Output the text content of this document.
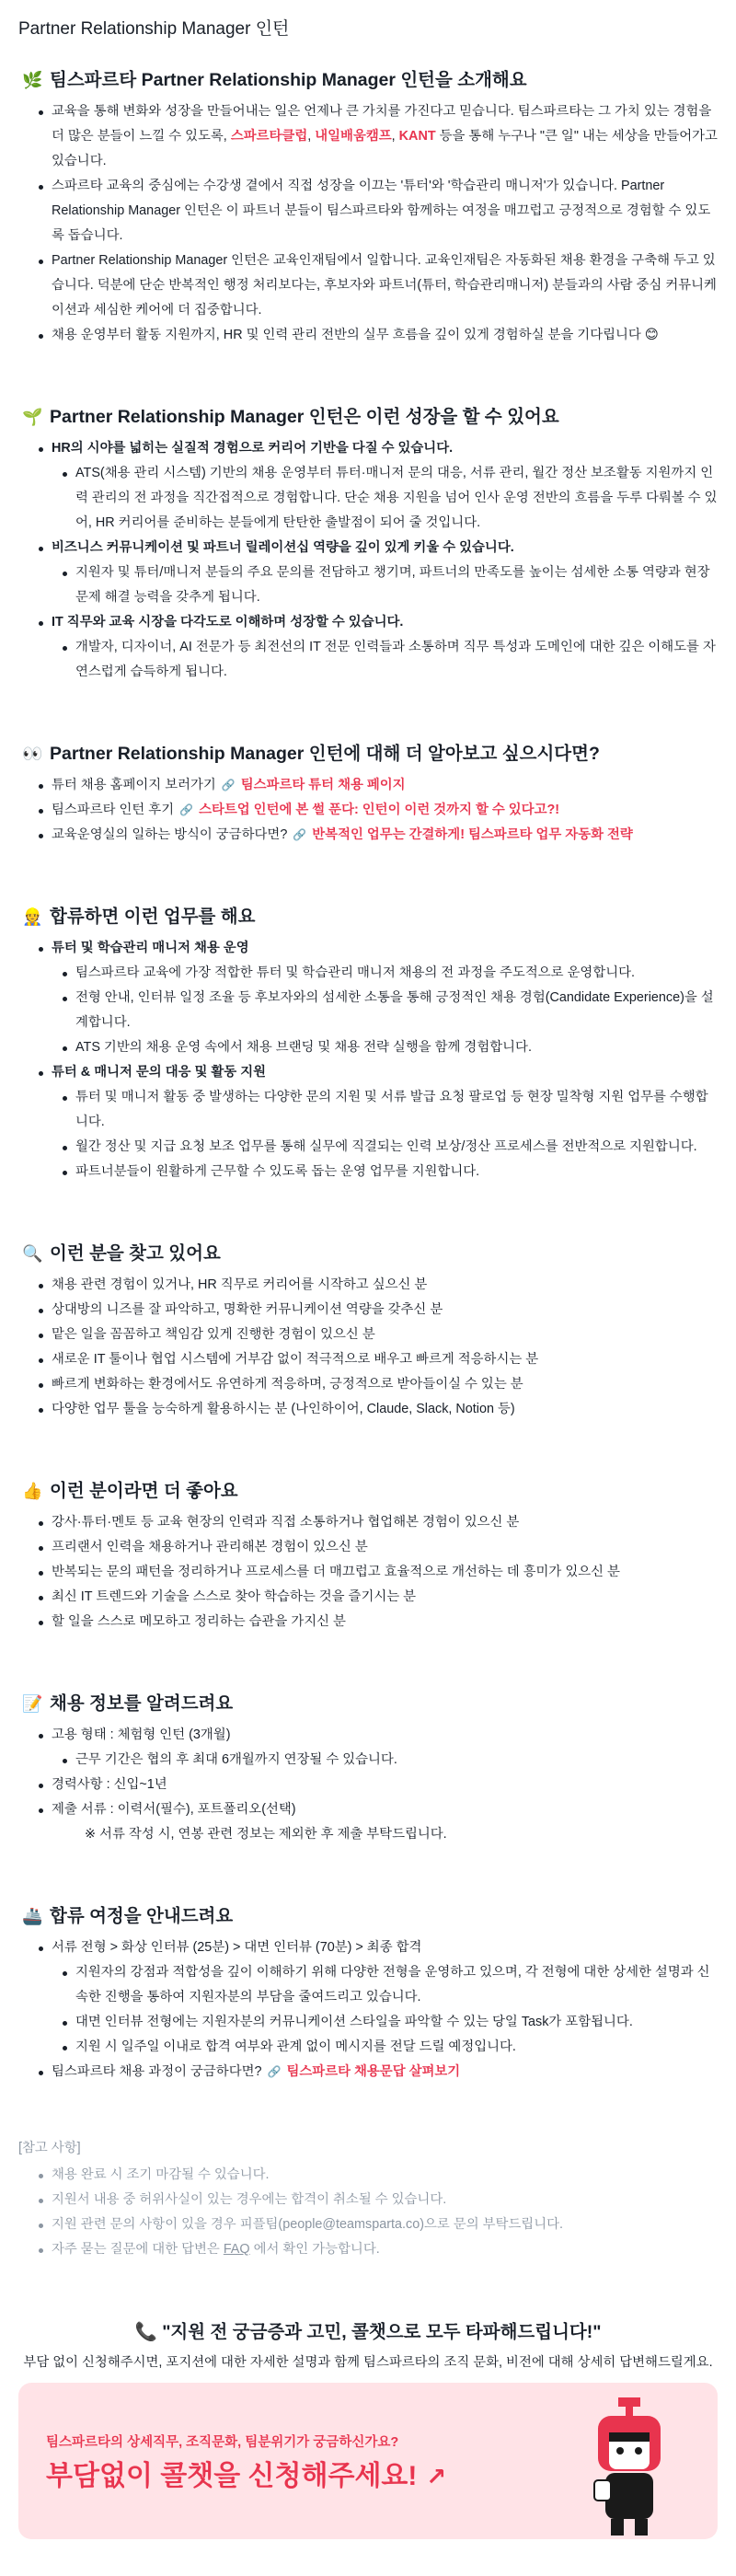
Partner Relationship Manager 인턴
🌿 팀스파르타 Partner Relationship Manager 인턴을 소개해요
교육을 통해 변화와 성장을 만들어내는 일은 언제나 큰 가치를 가진다고 믿습니다. 팀스파르타는 그 가치 있는 경험을 더 많은 분들이 느낄 수 있도록, 스파르타클럽, 내일배움캠프, KANT 등을 통해 누구나 "큰 일" 내는 세상을 만들어가고 있습니다.
스파르타 교육의 중심에는 수강생 곁에서 직접 성장을 이끄는 '튜터'와 '학습관리 매니저'가 있습니다. Partner Relationship Manager 인턴은 이 파트너 분들이 팀스파르타와 함께하는 여정을 매끄럽고 긍정적으로 경험할 수 있도록 돕습니다.
Partner Relationship Manager 인턴은 교육인재팀에서 일합니다. 교육인재팀은 자동화된 채용 환경을 구축해 두고 있습니다. 덕분에 단순 반복적인 행정 처리보다는, 후보자와 파트너(튜터, 학습관리매니저) 분들과의 사람 중심 커뮤니케이션과 세심한 케어에 더 집중합니다.
채용 운영부터 활동 지원까지, HR 및 인력 관리 전반의 실무 흐름을 깊이 있게 경험하실 분을 기다립니다 😊
🌱 Partner Relationship Manager 인턴은 이런 성장을 할 수 있어요
HR의 시야를 넓히는 실질적 경험으로 커리어 기반을 다질 수 있습니다.
ATS(채용 관리 시스템) 기반의 채용 운영부터 튜터·매니저 문의 대응, 서류 관리, 월간 정산 보조활동 지원까지 인력 관리의 전 과정을 직간접적으로 경험합니다. 단순 채용 지원을 넘어 인사 운영 전반의 흐름을 두루 다뤄볼 수 있어, HR 커리어를 준비하는 분들에게 탄탄한 출발점이 되어 줄 것입니다.
비즈니스 커뮤니케이션 및 파트너 릴레이션십 역량을 깊이 있게 키울 수 있습니다.
지원자 및 튜터/매니저 분들의 주요 문의를 전담하고 챙기며, 파트너의 만족도를 높이는 섬세한 소통 역량과 현장 문제 해결 능력을 갖추게 됩니다.
IT 직무와 교육 시장을 다각도로 이해하며 성장할 수 있습니다.
개발자, 디자이너, AI 전문가 등 최전선의 IT 전문 인력들과 소통하며 직무 특성과 도메인에 대한 깊은 이해도를 자연스럽게 습득하게 됩니다.
👀 Partner Relationship Manager 인턴에 대해 더 알아보고 싶으시다면?
튜터 채용 홈페이지 보러가기 🔗 팀스파르타 튜터 채용 페이지
팀스파르타 인턴 후기 🔗 스타트업 인턴에 본 썰 푼다: 인턴이 이런 것까지 할 수 있다고?!
교육운영실의 일하는 방식이 궁금하다면? 🔗 반복적인 업무는 간결하게! 팀스파르타 업무 자동화 전략
👷 합류하면 이런 업무를 해요
튜터 및 학습관리 매니저 채용 운영
팀스파르타 교육에 가장 적합한 튜터 및 학습관리 매니저 채용의 전 과정을 주도적으로 운영합니다.
전형 안내, 인터뷰 일정 조율 등 후보자와의 섬세한 소통을 통해 긍정적인 채용 경험(Candidate Experience)을 설계합니다.
ATS 기반의 채용 운영 속에서 채용 브랜딩 및 채용 전략 실행을 함께 경험합니다.
튜터 & 매니저 문의 대응 및 활동 지원
튜터 및 매니저 활동 중 발생하는 다양한 문의 지원 및 서류 발급 요청 팔로업 등 현장 밀착형 지원 업무를 수행합니다.
월간 정산 및 지급 요청 보조 업무를 통해 실무에 직결되는 인력 보상/정산 프로세스를 전반적으로 지원합니다.
파트너분들이 원활하게 근무할 수 있도록 돕는 운영 업무를 지원합니다.
🔍 이런 분을 찾고 있어요
채용 관련 경험이 있거나, HR 직무로 커리어를 시작하고 싶으신 분
상대방의 니즈를 잘 파악하고, 명확한 커뮤니케이션 역량을 갖추신 분
맡은 일을 꼼꼼하고 책임감 있게 진행한 경험이 있으신 분
새로운 IT 툴이나 협업 시스템에 거부감 없이 적극적으로 배우고 빠르게 적응하시는 분
빠르게 변화하는 환경에서도 유연하게 적응하며, 긍정적으로 받아들이실 수 있는 분
다양한 업무 툴을 능숙하게 활용하시는 분 (나인하이어, Claude, Slack, Notion 등)
👍 이런 분이라면 더 좋아요
강사·튜터·멘토 등 교육 현장의 인력과 직접 소통하거나 협업해본 경험이 있으신 분
프리랜서 인력을 채용하거나 관리해본 경험이 있으신 분
반복되는 문의 패턴을 정리하거나 프로세스를 더 매끄럽고 효율적으로 개선하는 데 흥미가 있으신 분
최신 IT 트렌드와 기술을 스스로 찾아 학습하는 것을 즐기시는 분
할 일을 스스로 메모하고 정리하는 습관을 가지신 분
📝 채용 정보를 알려드려요
고용 형태 : 체험형 인턴 (3개월)
근무 기간은 협의 후 최대 6개월까지 연장될 수 있습니다.
경력사항 : 신입~1년
제출 서류 : 이력서(필수), 포트폴리오(선택)
※ 서류 작성 시, 연봉 관련 정보는 제외한 후 제출 부탁드립니다.
🚢 합류 여정을 안내드려요
서류 전형 > 화상 인터뷰 (25분) > 대면 인터뷰 (70분) > 최종 합격
지원자의 강점과 적합성을 깊이 이해하기 위해 다양한 전형을 운영하고 있으며, 각 전형에 대한 상세한 설명과 신속한 진행을 통하여 지원자분의 부담을 줄여드리고 있습니다.
대면 인터뷰 전형에는 지원자분의 커뮤니케이션 스타일을 파악할 수 있는 당일 Task가 포함됩니다.
지원 시 일주일 이내로 합격 여부와 관계 없이 메시지를 전달 드릴 예정입니다.
팀스파르타 채용 과정이 궁금하다면? 🔗 팀스파르타 채용문답 살펴보기
[참고 사항]
채용 완료 시 조기 마감될 수 있습니다.
지원서 내용 중 허위사실이 있는 경우에는 합격이 취소될 수 있습니다.
지원 관련 문의 사항이 있을 경우 피플팀(people@teamsparta.co)으로 문의 부탁드립니다.
자주 묻는 질문에 대한 답변은 FAQ 에서 확인 가능합니다.
📞 "지원 전 궁금증과 고민, 콜챗으로 모두 타파해드립니다!"
부담 없이 신청해주시면, 포지션에 대한 자세한 설명과 함께 팀스파르타의 조직 문화, 비전에 대해 상세히 답변해드릴게요.
팀스파르타의 상세직무, 조직문화, 팀분위기가 궁금하신가요?
부담없이 콜챗을 신청해주세요! ↗
